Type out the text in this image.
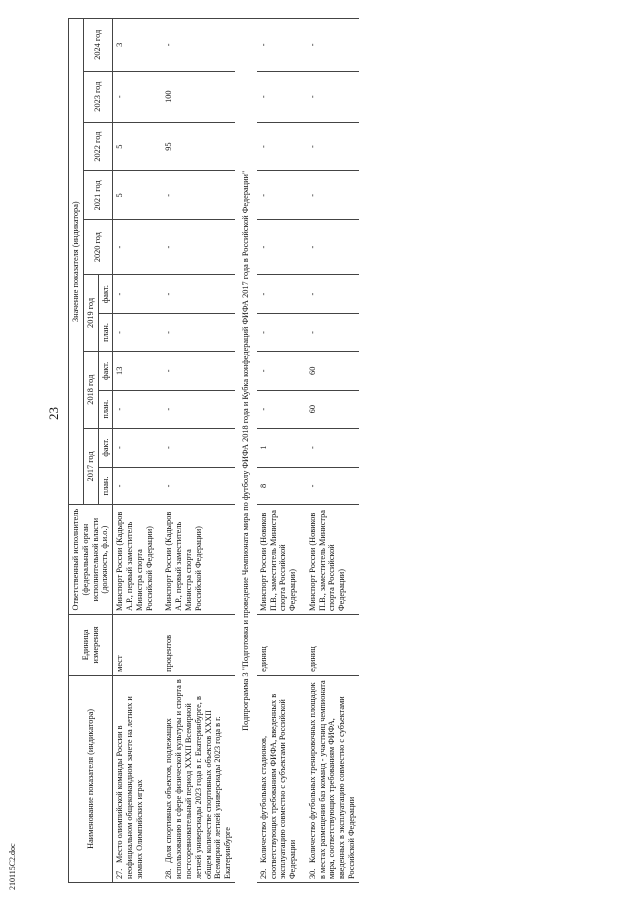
23
Наименование показателя (индикатора)	Единица измерения	Ответственный исполнитель (федеральный орган исполнительной власти (должность, ф.и.о.)	Значение показателя (индикатора)										
			2017 год		2018 год		2019 год		2020 год	2021 год	2022 год	2023 год	2024 год
			план.	факт.	план.	факт.	план.	факт.					
27.Место олимпийской команды России в неофициальном общекомандном зачете на летних и зимних Олимпийских играх	мест	Минспорт России (Кадыров А.Р., первый заместитель Министра спорта Российской Федерации)	-	-	-	13	-	-	-	5	5	-	3

28.Доля спортивных объектов, подлежащих использованию в сфере физической культуры и спорта в постсоревновательный период XXXII Всемирной летней универсиады 2023 года в г. Екатеринбурге, в общем количестве спортивных объектов XXXII Всемирной летней универсиады 2023 года в г. Екатеринбурге	процентов	Минспорт России (Кадыров А.Р., первый заместитель Министра спорта Российской Федерации)	-	-	-	-	-	-	-	-	95	100	-
Подпрограмма 3 "Подготовка и проведение Чемпионата мира по футболу ФИФА 2018 года и Кубка конфедераций ФИФА 2017 года в Российской Федерации"													
29.Количество футбольных стадионов, соответствующих требованиям ФИФА, введенных в эксплуатацию совместно с субъектами Российской Федерации	единиц	Минспорт России (Новиков П.В., заместитель Министра спорта Российской Федерации)	8	1	-	-	-	-	-	-	-	-	-

30.Количество футбольных тренировочных площадок в местах размещения баз команд - участниц чемпионата мира, соответствующих требованиям ФИФА, введенных в эксплуатацию совместно с субъектами Российской Федерации	единиц	Минспорт России (Новиков П.В., заместитель Министра спорта Российской Федерации)	-	-	60	60	-	-	-	-	-	-	-
210115C2.doc
